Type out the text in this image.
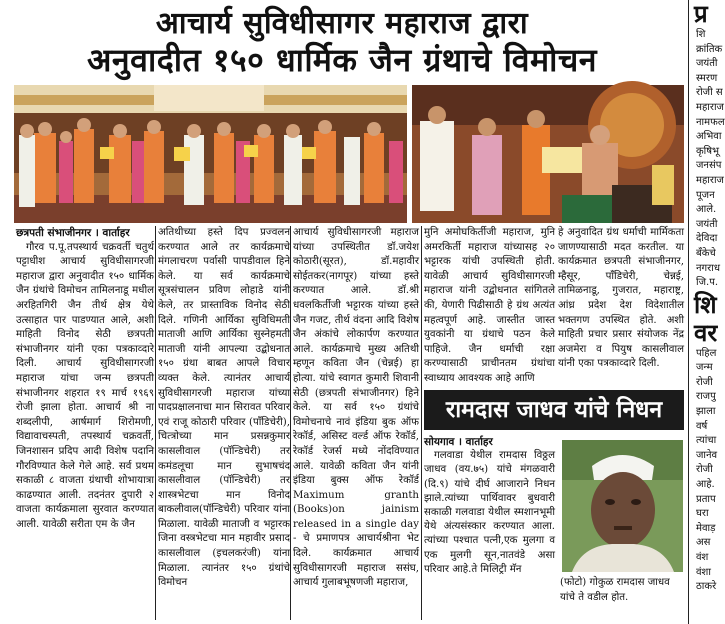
आचार्य सुविधीसागर महाराज द्वारा
अनुवादीत १५० धार्मिक जैन ग्रंथाचे विमोचन

छत्रपती संभाजीनगर । वार्ताहर

गौरव प.पू.तपस्थार्य चक्रवर्ती चतुर्थ पट्टाधीश आचार्य सुविधीसागरजी महाराज द्वारा अनुवादीत १५० धार्मिक जैन ग्रंथांचे विमोचन तामिलनाडू मधील अरहितगिरी जैन तीर्थ क्षेत्र येथे उत्साहात पार पाडण्यात आले, अशी माहिती विनोद सेठी छत्रपती संभाजीनगर यांनी एका पत्रकाव्दारे दिली. आचार्य सुविधीसागरजी महाराज यांचा जन्म छत्रपती संभाजीनगर शहरात १९ मार्च १९६९ रोजी झाला होता. आचार्य श्री ना शब्दलीपी, आर्षमार्ग शिरोमणी, विद्यावाचस्पती, तपस्थार्य चक्रवर्ती, जिनशासन प्रदिप आदी विशेष पदानि गौरविण्यात केले गेले आहे. सर्व प्रथम सकाळी ८ वाजता ग्रंथाची शोभायात्रा काढण्यात आली. तदनंतर दुपारी २ वाजता कार्यक्रमाला सुरवात करण्यात आली. यावेळी सरीता एम के जैन

अतिथीच्या हस्ते दिप प्रज्वलन करण्यात आले तर कार्यक्रमाचे मंगलाचरण पर्वासी पापडीवाल हिने केले. या सर्व कार्यक्रमाचे सूत्रसंचालन प्रविण लोहाडे यांनी केले, तर प्रास्ताविक विनोद सेठी दिले. गणिनी आर्यिका सुविधिमती माताजी आणि आर्यिका सुस्नेहमती माताजी यांनी आपल्या उद्बोधनात १५० ग्रंथा बाबत आपले विचार व्यक्त केले. त्यानंतर आचार्य सुविधीसागरजी महाराज यांच्या पादप्रक्षालनाचा मान सिरावत परिवार एवं राजू कोठारी परिवार (पाँडिचेरी), चित्त्रोच्या मान प्रसन्नकुमार कासलीवाल (पॉन्डिचेरी) तर कमंडलूचा मान सुभाषचंद कासलीवाल (पॉन्डिचेरी) तर शास्त्रभेटचा मान विनोद बाकलीवाल(पॉन्डिचेरी) परिवार यांना मिळाला. यावेळी माताजी व भट्टारक जिना वस्त्रभेटचा मान महावीर प्रसाद कासलीवाल (इचलकरंजी) यांना मिळाला. त्यानंतर १५० ग्रंथांचे विमोचन

आचार्य सुविधीसागरजी महाराज यांच्या उपस्थितीत डॉ.जयेश कोठारी(सूरत), डॉ.महावीर सोईतकर(नागपूर) यांच्या हस्ते करण्यात आले. डॉ.श्री धवलकिर्तीजी भट्टारक यांच्या हस्ते जैन गजट, तीर्थ वंदना आदि विशेष जैन अंकांचे लोकार्पण करण्यात आले. कार्यक्रमाचे मुख्य अतिथी म्हणून कविता जैन (चेन्नई) हा होत्या. यांचे स्वागत कुमारी शिवानी सेठी (छत्रपती संभाजीनगर) हिने केले. या सर्व १५० ग्रंथांचे विमोचनाचे नावं इंडिया बुक ऑफ रेकॉर्ड, असिस्ट वर्ल्ड ऑफ रेकॉर्ड, रेकॉर्ड रेजर्स मध्ये नोंदविण्यात आले. यावेळी कविता जैन यांनी इंडिया बुक्स ऑफ रेकॉर्ड Maximum granth (Books)on jainism released in a single day - चे प्रमाणपत्र आचार्यश्रीना भेट दिले. कार्यक्रमात आचार्य सुविधीसागरजी महाराज ससंघ, आचार्य गुलाबभूषणजी महाराज,

मुनि अमोघकिर्तीजी महाराज, मुनि अमरकिर्ती महाराज यांच्यासह २० भट्टारक यांची उपस्थिती होती. यावेळी आचार्य सुविधीसागरजी महाराज यांनी उद्बोधनात सांगितले की, येणारी पिढीसाठी हे ग्रंथ अत्यंत महत्वपूर्ण आहे. जास्तीत जास्त युवकांनी या ग्रंथाचे पठन केले पाहिजे. जैन धर्माची रक्षा करण्यासाठी प्राचीनतम ग्रंथांचा स्वाध्याय आवश्यक आहे आणि

हे अनुवादित ग्रंथ धर्माची मार्मिकता जाणण्यासाठी मदत करतील. या कार्यक्रमात छत्रपती संभाजीनगर, म्हैसूर, पॉंडिचेरी, चेन्नई, तामिळनाडू, गुजरात, महाराष्ट्र, आंध्र प्रदेश देश विदेशातील भक्तगण उपस्थित होते. अशी माहिती प्रचार प्रसार संयोजक नेंद्र अजमेरा व पियुष कासलीवाल यांनी एका पत्रकाव्दारे दिली.

रामदास जाधव यांचे निधन
सोयगाव । वार्ताहर
गलवाडा येथील रामदास विठ्ठल जाधव (वय.७५) यांचे मंगळवारी (दि.९) यांचे दीर्घ आजाराने निधन झाले.त्यांच्या पार्थिवावर बुधवारी सकाळी गलवाडा येथील स्मशानभूमी येथे अंत्यसंस्कार करण्यात आला. त्यांच्या पश्चात पत्नी,एक मुलगा व एक मुलगी सून,नातवंडे असा परिवार आहे.ते मिलिट्री मॅन
(फोटो) गोकुळ रामदास जाधव यांचे ते वडील होत.
प्र
शि
क्रांतिक
जयंती
स्मरण
रोजी स
महाराज
नामफल
अभिवा
कृषिभू
जनसंप
महाराज
पूजन
आले.
जयंती
देविदा
बॅंकेचे
नगराध
जि.प.
शि
वर
पहिल
जन्म
रोजी
राजपु
झाला
वर्ष
त्यांचा
जानेव
रोजी
आहे.
प्रताप
घरा
मेवाड़
अस
वंश
वंशा
ठाकरे
